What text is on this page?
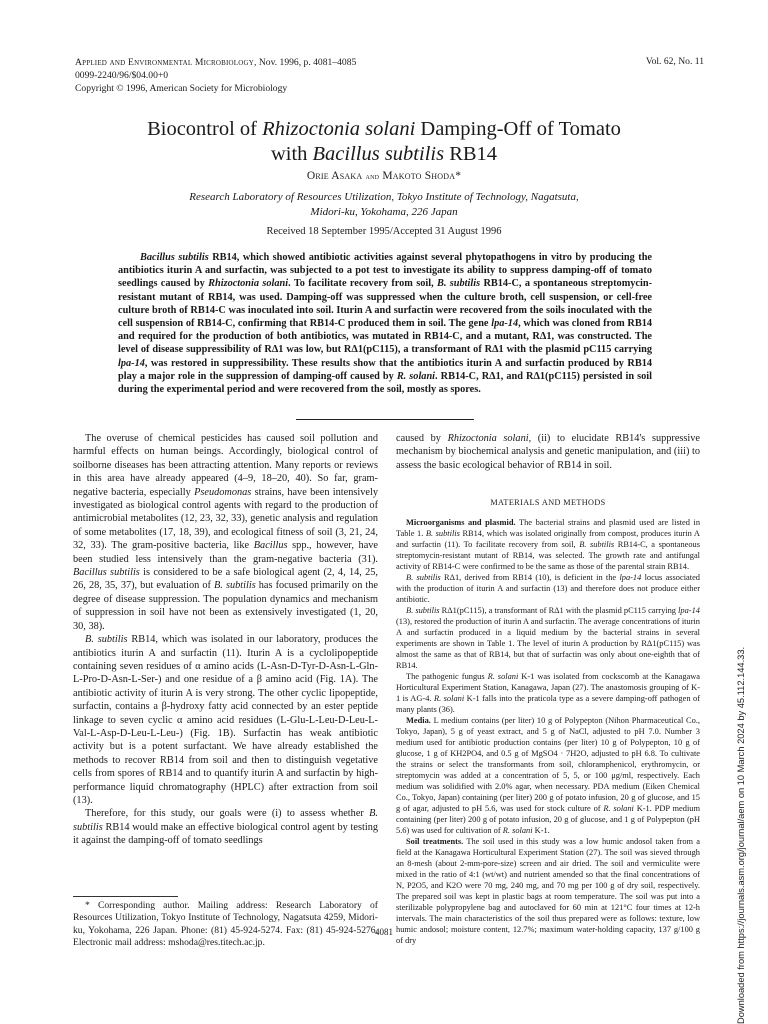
Applied and Environmental Microbiology, Nov. 1996, p. 4081–4085
0099-2240/96/$04.00+0
Copyright © 1996, American Society for Microbiology
Vol. 62, No. 11
Biocontrol of Rhizoctonia solani Damping-Off of Tomato
with Bacillus subtilis RB14
Orie Asaka and Makoto Shoda*
Research Laboratory of Resources Utilization, Tokyo Institute of Technology, Nagatsuta,
Midori-ku, Yokohama, 226 Japan
Received 18 September 1995/Accepted 31 August 1996

Bacillus subtilis RB14, which showed antibiotic activities against several phytopathogens in vitro by producing the antibiotics iturin A and surfactin, was subjected to a pot test to investigate its ability to suppress damping-off of tomato seedlings caused by Rhizoctonia solani. To facilitate recovery from soil, B. subtilis RB14-C, a spontaneous streptomycin-resistant mutant of RB14, was used. Damping-off was suppressed when the culture broth, cell suspension, or cell-free culture broth of RB14-C was inoculated into soil. Iturin A and surfactin were recovered from the soils inoculated with the cell suspension of RB14-C, confirming that RB14-C produced them in soil. The gene lpa-14, which was cloned from RB14 and required for the production of both antibiotics, was mutated in RB14-C, and a mutant, RΔ1, was constructed. The level of disease suppressibility of RΔ1 was low, but RΔ1(pC115), a transformant of RΔ1 with the plasmid pC115 carrying lpa-14, was restored in suppressibility. These results show that the antibiotics iturin A and surfactin produced by RB14 play a major role in the suppression of damping-off caused by R. solani. RB14-C, RΔ1, and RΔ1(pC115) persisted in soil during the experimental period and were recovered from the soil, mostly as spores.

The overuse of chemical pesticides has caused soil pollution and harmful effects on human beings. Accordingly, biological control of soilborne diseases has been attracting attention. Many reports or reviews in this area have already appeared (4–9, 18–20, 40). So far, gram-negative bacteria, especially Pseudomonas strains, have been intensively investigated as biological control agents with regard to the production of antimicrobial metabolites (12, 23, 32, 33), genetic analysis and regulation of some metabolites (17, 18, 39), and ecological fitness of soil (3, 21, 24, 32, 33). The gram-positive bacteria, like Bacillus spp., however, have been studied less intensively than the gram-negative bacteria (31). Bacillus subtilis is considered to be a safe biological agent (2, 4, 14, 25, 26, 28, 35, 37), but evaluation of B. subtilis has focused primarily on the degree of disease suppression. The population dynamics and mechanism of suppression in soil have not been as extensively investigated (1, 20, 30, 38).

B. subtilis RB14, which was isolated in our laboratory, produces the antibiotics iturin A and surfactin (11). Iturin A is a cyclolipopeptide containing seven residues of α amino acids (L-Asn-D-Tyr-D-Asn-L-Gln-L-Pro-D-Asn-L-Ser-) and one residue of a β amino acid (Fig. 1A). The antibiotic activity of iturin A is very strong. The other cyclic lipopeptide, surfactin, contains a β-hydroxy fatty acid connected by an ester peptide linkage to seven cyclic α amino acid residues (L-Glu-L-Leu-D-Leu-L-Val-L-Asp-D-Leu-L-Leu-) (Fig. 1B). Surfactin has weak antibiotic activity but is a potent surfactant. We have already established the methods to recover RB14 from soil and then to distinguish vegetative cells from spores of RB14 and to quantify iturin A and surfactin by high-performance liquid chromatography (HPLC) after extraction from soil (13).

Therefore, for this study, our goals were (i) to assess whether B. subtilis RB14 would make an effective biological control agent by testing it against the damping-off of tomato seedlings

caused by Rhizoctonia solani, (ii) to elucidate RB14's suppressive mechanism by biochemical analysis and genetic manipulation, and (iii) to assess the basic ecological behavior of RB14 in soil.

MATERIALS AND METHODS

Microorganisms and plasmid. The bacterial strains and plasmid used are listed in Table 1. B. subtilis RB14, which was isolated originally from compost, produces iturin A and surfactin (11). To facilitate recovery from soil, B. subtilis RB14-C, a spontaneous streptomycin-resistant mutant of RB14, was selected. The growth rate and antifungal activity of RB14-C were confirmed to be the same as those of the parental strain RB14.

B. subtilis RΔ1, derived from RB14 (10), is deficient in the lpa-14 locus associated with the production of iturin A and surfactin (13) and therefore does not produce either antibiotic.

B. subtilis RΔ1(pC115), a transformant of RΔ1 with the plasmid pC115 carrying lpa-14 (13), restored the production of iturin A and surfactin. The average concentrations of iturin A and surfactin produced in a liquid medium by the bacterial strains in several experiments are shown in Table 1. The level of iturin A production by RΔ1(pC115) was almost the same as that of RB14, but that of surfactin was only about one-eighth that of RB14.

The pathogenic fungus R. solani K-1 was isolated from cockscomb at the Kanagawa Horticultural Experiment Station, Kanagawa, Japan (27). The anastomosis grouping of K-1 is AG-4. R. solani K-1 falls into the praticola type as a severe damping-off pathogen of many plants (36).

Media. L medium contains (per liter) 10 g of Polypepton (Nihon Pharmaceutical Co., Tokyo, Japan), 5 g of yeast extract, and 5 g of NaCl, adjusted to pH 7.0. Number 3 medium used for antibiotic production contains (per liter) 10 g of Polypepton, 10 g of glucose, 1 g of KH2PO4, and 0.5 g of MgSO4 · 7H2O, adjusted to pH 6.8. To cultivate the strains or select the transformants from soil, chloramphenicol, erythromycin, or streptomycin was added at a concentration of 5, 5, or 100 μg/ml, respectively. Each medium was solidified with 2.0% agar, when necessary. PDA medium (Eiken Chemical Co., Tokyo, Japan) containing (per liter) 200 g of potato infusion, 20 g of glucose, and 15 g of agar, adjusted to pH 5.6, was used for stock culture of R. solani K-1. PDP medium containing (per liter) 200 g of potato infusion, 20 g of glucose, and 1 g of Polypepton (pH 5.6) was used for cultivation of R. solani K-1.

Soil treatments. The soil used in this study was a low humic andosol taken from a field at the Kanagawa Horticultural Experiment Station (27). The soil was sieved through an 8-mesh (about 2-mm-pore-size) screen and air dried. The soil and vermiculite were mixed in the ratio of 4:1 (wt/wt) and nutrient amended so that the final concentrations of N, P2O5, and K2O were 70 mg, 240 mg, and 70 mg per 100 g of dry soil, respectively. The prepared soil was kept in plastic bags at room temperature. The soil was put into a sterilizable polypropylene bag and autoclaved for 60 min at 121°C four times at 12-h intervals. The main characteristics of the soil thus prepared were as follows: texture, low humic andosol; moisture content, 12.7%; maximum water-holding capacity, 137 g/100 g of dry

* Corresponding author. Mailing address: Research Laboratory of Resources Utilization, Tokyo Institute of Technology, Nagatsuta 4259, Midori-ku, Yokohama, 226 Japan. Phone: (81) 45-924-5274. Fax: (81) 45-924-5276. Electronic mail address: mshoda@res.titech.ac.jp.

4081	Downloaded from https://journals.asm.org/journal/aem on 10 March 2024 by 45.112.144.33.
